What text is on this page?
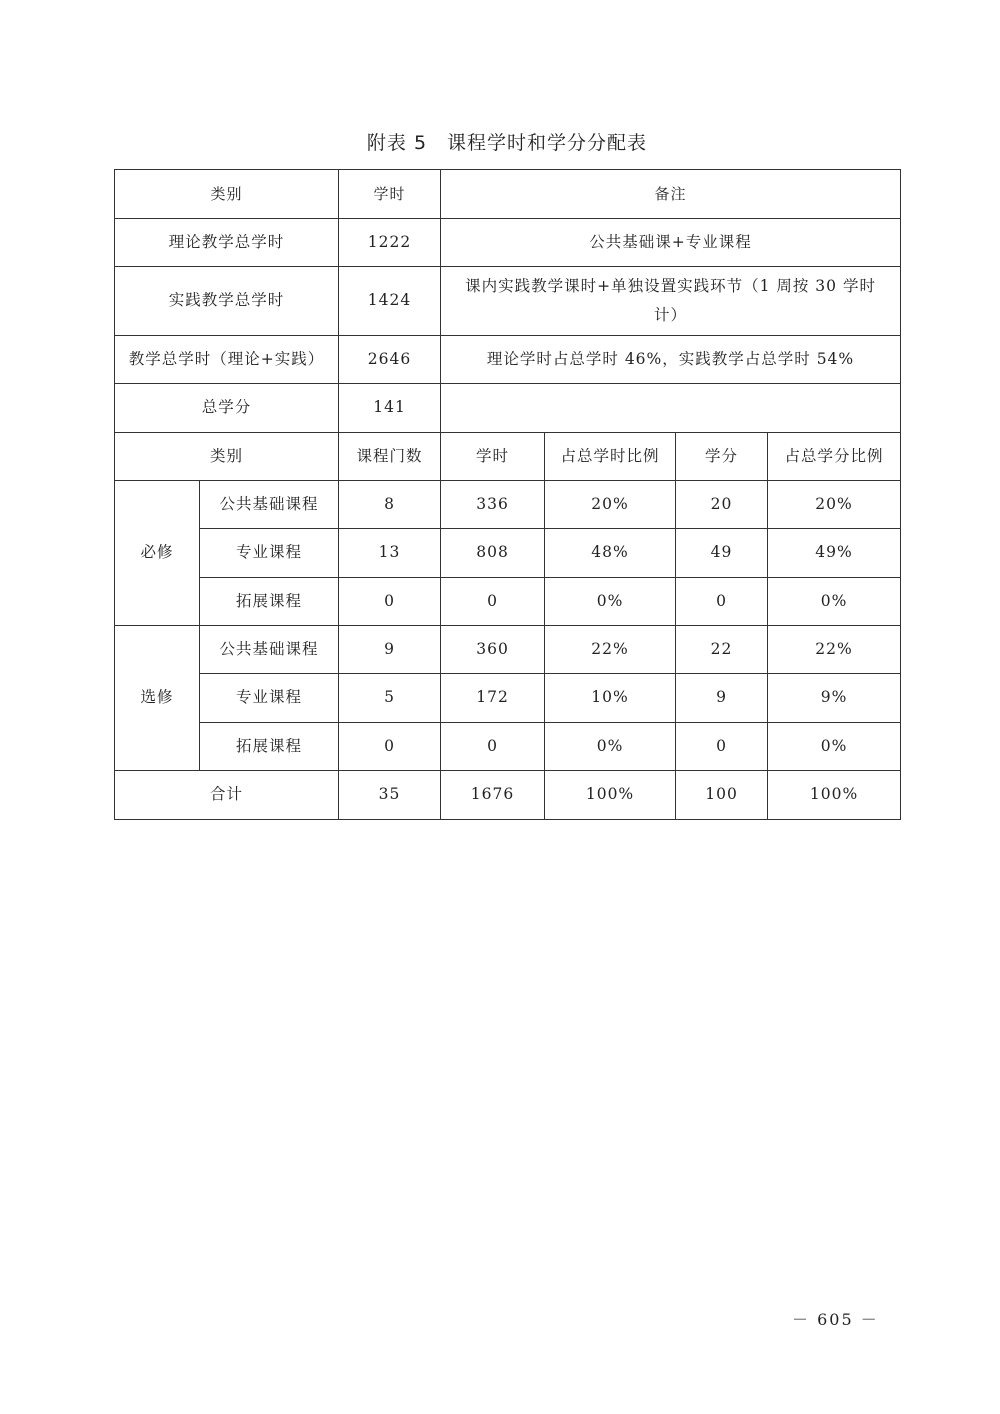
附表 5　课程学时和学分分配表
类别		学时	备注			
理论教学总学时		1222	公共基础课+专业课程			
实践教学总学时		1424	课内实践教学课时+单独设置实践环节（1 周按 30 学时计）			
教学总学时（理论+实践）		2646	理论学时占总学时 46%，实践教学占总学时 54%			
总学分		141				
类别		课程门数	学时	占总学时比例	学分	占总学分比例
必修	公共基础课程	8	336	20%	20	20%
	专业课程	13	808	48%	49	49%
	拓展课程	0	0	0%	0	0%
选修	公共基础课程	9	360	22%	22	22%
	专业课程	5	172	10%	9	9%
	拓展课程	0	0	0%	0	0%
合计		35	1676	100%	100	100%
－ 605 －
